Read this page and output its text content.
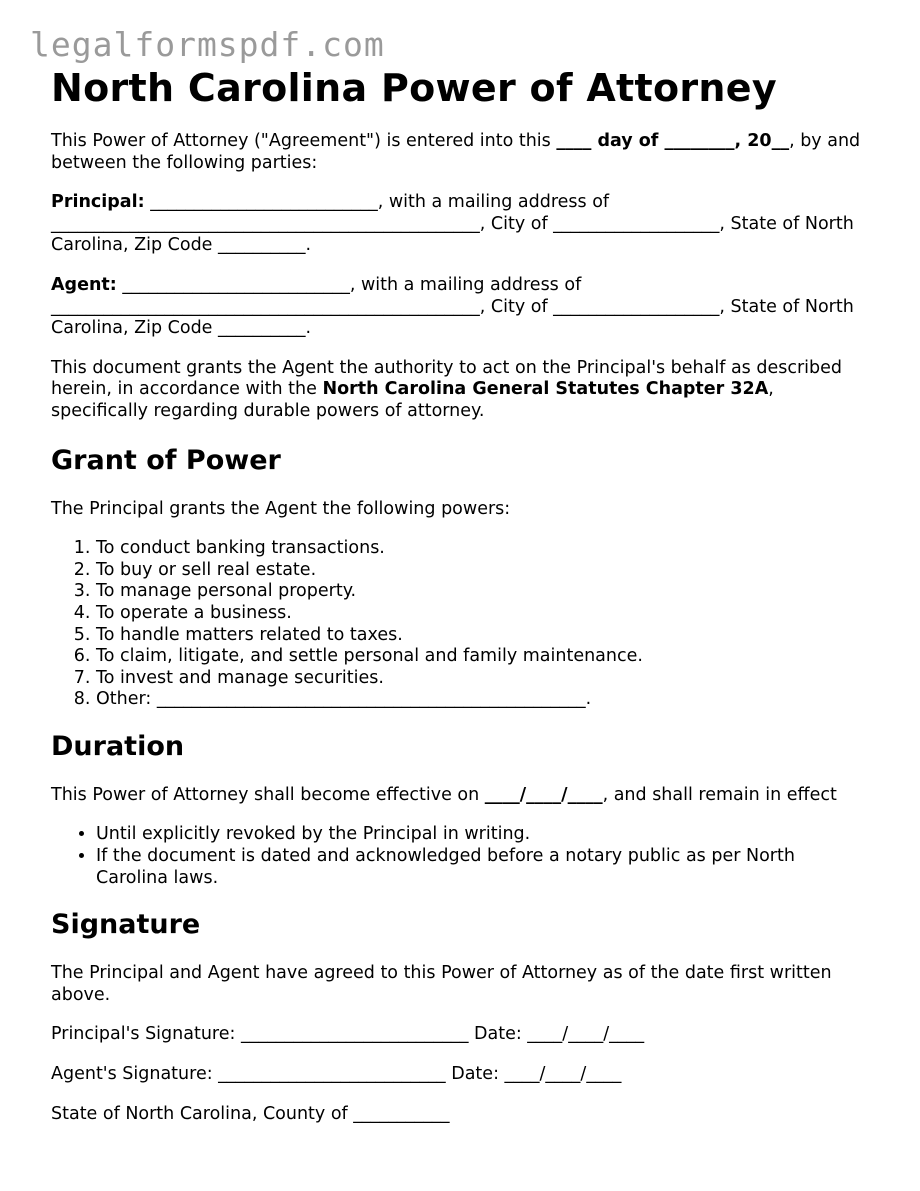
legalformspdf.com
North Carolina Power of Attorney

This Power of Attorney ("Agreement") is entered into this ____ day of ________, 20__, by and between the following parties:

Principal: __________________________, with a mailing address of _________________________________________________, City of ___________________, State of North Carolina, Zip Code __________.

Agent: __________________________, with a mailing address of _________________________________________________, City of ___________________, State of North Carolina, Zip Code __________.

This document grants the Agent the authority to act on the Principal's behalf as described herein, in accordance with the North Carolina General Statutes Chapter 32A, specifically regarding durable powers of attorney.

Grant of Power

The Principal grants the Agent the following powers:

1. To conduct banking transactions.
2. To buy or sell real estate.
3. To manage personal property.
4. To operate a business.
5. To handle matters related to taxes.
6. To claim, litigate, and settle personal and family maintenance.
7. To invest and manage securities.
8. Other: _________________________________________________.
Duration

This Power of Attorney shall become effective on ____/____/____, and shall remain in effect

• Until explicitly revoked by the Principal in writing.
• If the document is dated and acknowledged before a notary public as per North Carolina laws.
Signature

The Principal and Agent have agreed to this Power of Attorney as of the date first written above.

Principal's Signature: __________________________ Date: ____/____/____

Agent's Signature: __________________________ Date: ____/____/____

State of North Carolina, County of ___________
